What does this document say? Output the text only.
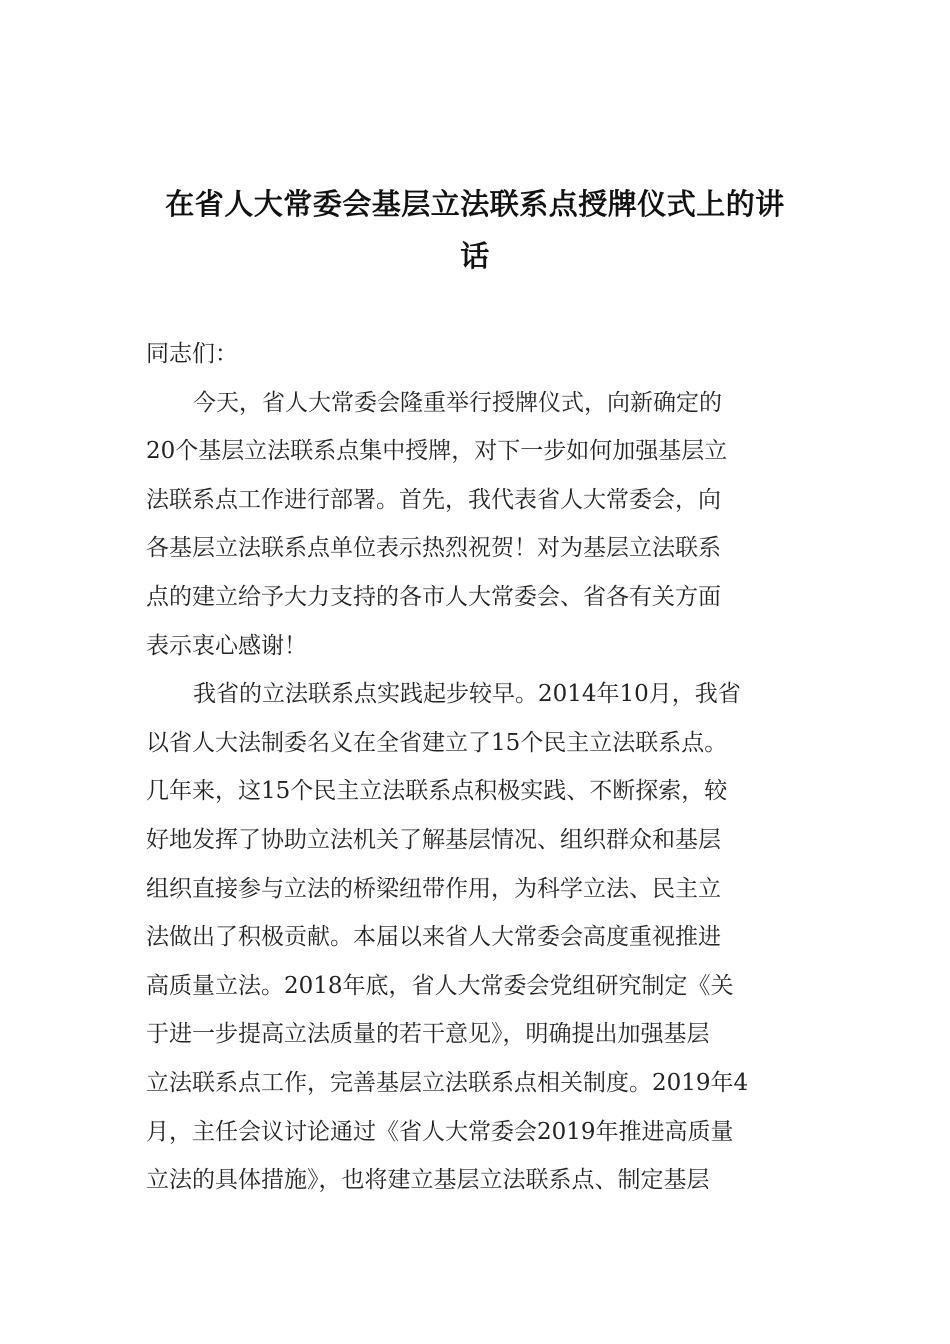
在省人大常委会基层立法联系点授牌仪式上的讲
话

同志们：

今天，省人大常委会隆重举行授牌仪式，向新确定的
20个基层立法联系点集中授牌，对下一步如何加强基层立
法联系点工作进行部署。首先，我代表省人大常委会，向
各基层立法联系点单位表示热烈祝贺！对为基层立法联系
点的建立给予大力支持的各市人大常委会、省各有关方面
表示衷心感谢！

我省的立法联系点实践起步较早。2014年10月，我省
以省人大法制委名义在全省建立了15个民主立法联系点。
几年来，这15个民主立法联系点积极实践、不断探索，较
好地发挥了协助立法机关了解基层情况、组织群众和基层
组织直接参与立法的桥梁纽带作用，为科学立法、民主立
法做出了积极贡献。本届以来省人大常委会高度重视推进
高质量立法。2018年底，省人大常委会党组研究制定《关
于进一步提高立法质量的若干意见》，明确提出加强基层
立法联系点工作，完善基层立法联系点相关制度。2019年4
月，主任会议讨论通过《省人大常委会2019年推进高质量
立法的具体措施》，也将建立基层立法联系点、制定基层
